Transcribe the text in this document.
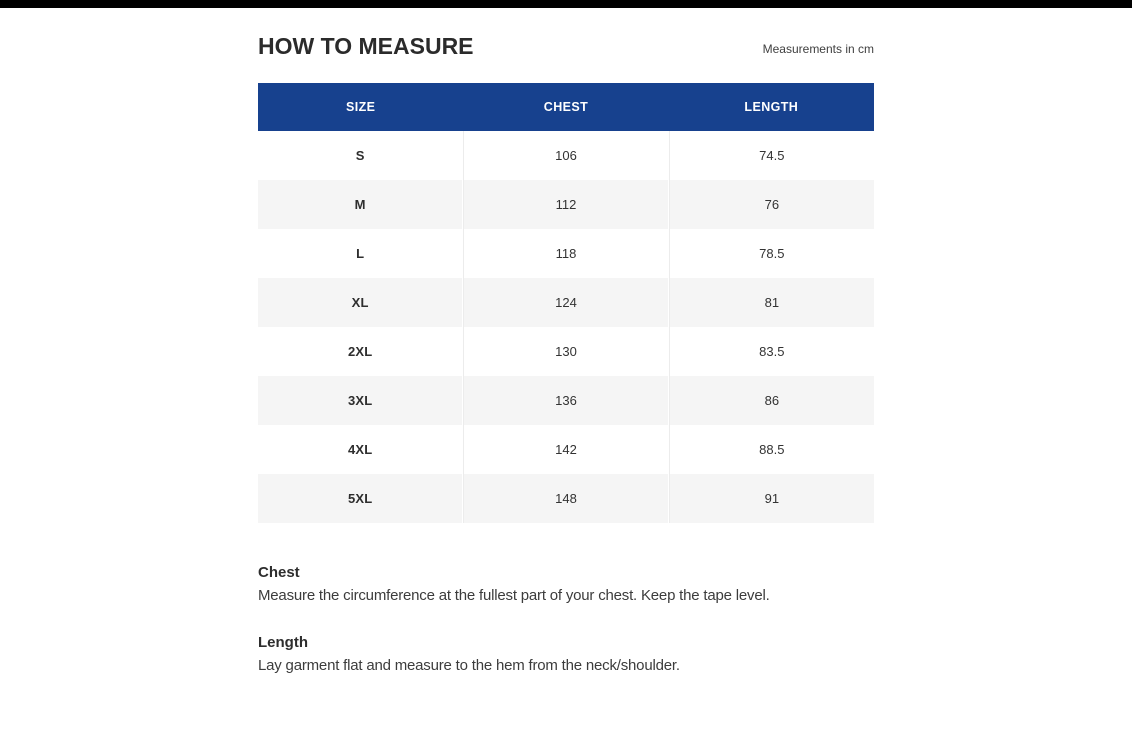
HOW TO MEASURE	Measurements in cm
SIZE	CHEST	LENGTH
S	106	74.5
M	112	76
L	118	78.5
XL	124	81
2XL	130	83.5
3XL	136	86
4XL	142	88.5
5XL	148	91
Chest

Measure the circumference at the fullest part of your chest. Keep the tape level.

Length

Lay garment flat and measure to the hem from the neck/shoulder.
